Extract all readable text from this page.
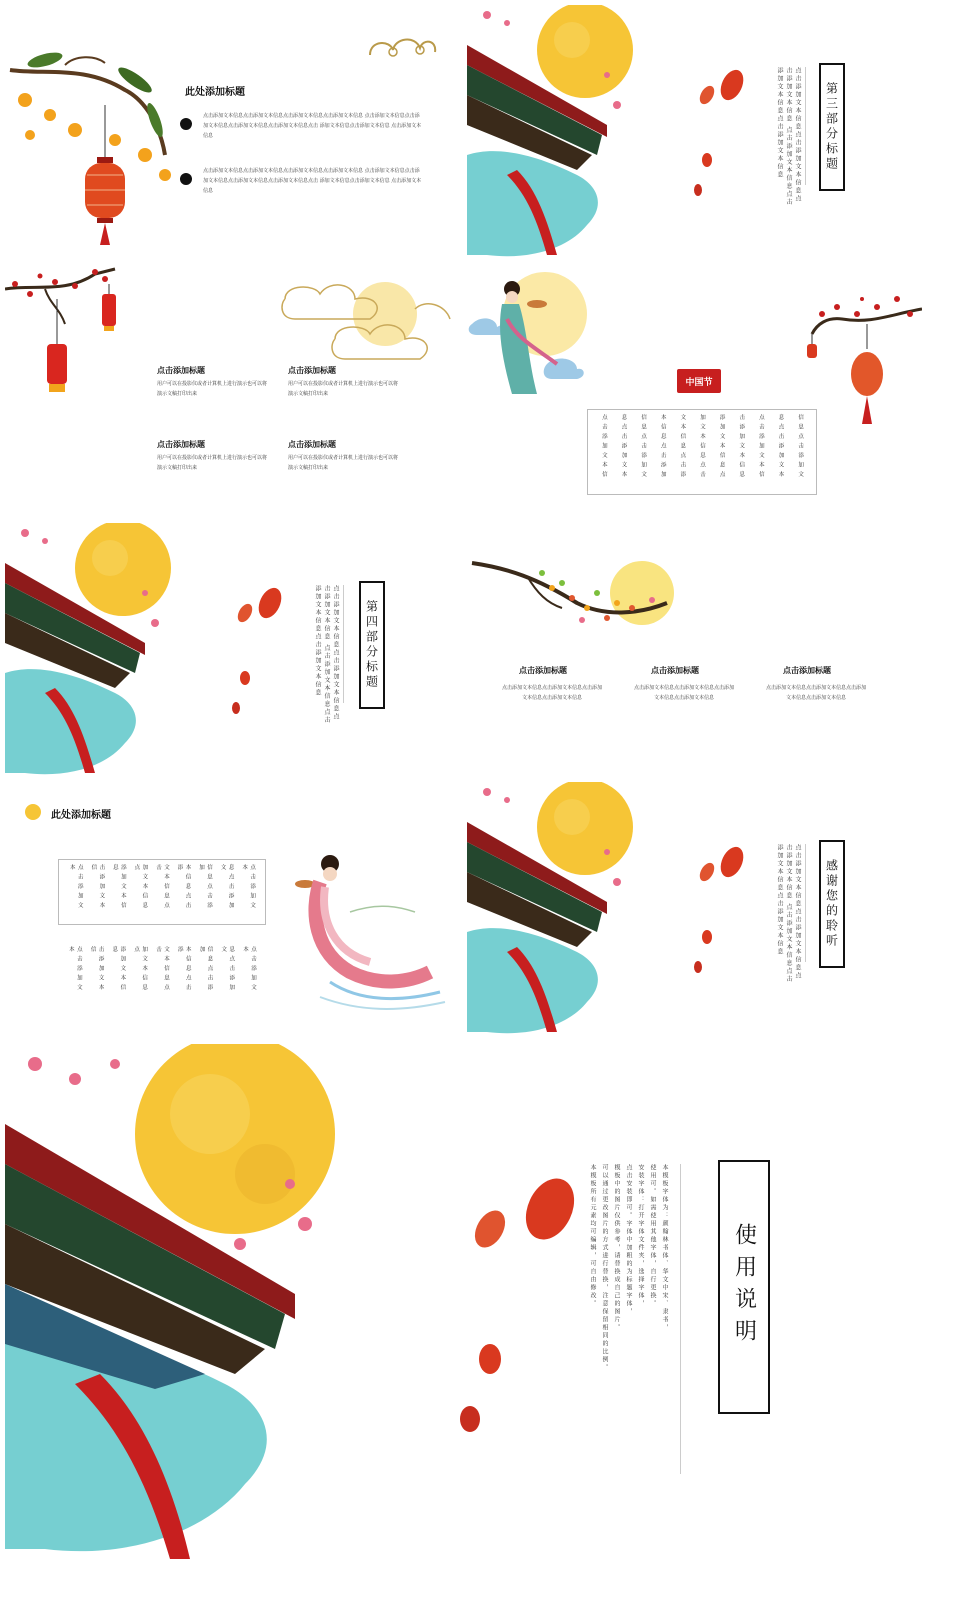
此处添加标题
点击添加文本信息点击添加文本信息点击添加文本信息点击添加文本信息 点击添加文本信息点击添加文本信息点击添加文本信息点击添加文本信息点击 添加文本信息点击添加文本信息 点击添加文本信息
点击添加文本信息点击添加文本信息点击添加文本信息点击添加文本信息 点击添加文本信息点击添加文本信息点击添加文本信息点击添加文本信息点击 添加文本信息点击添加文本信息 点击添加文本信息	点击添加文本信息点击添加文本信息点击添加文本信息 点击添加文本信息点击添加文本信息点击添加文本信息	第三部分标题
点击添加标题
用户可以在投影仪或者计算机上进行演示也可以将演示文稿打印出来
点击添加标题
用户可以在投影仪或者计算机上进行演示也可以将演示文稿打印出来
点击添加标题
用户可以在投影仪或者计算机上进行演示也可以将演示文稿打印出来
点击添加标题
用户可以在投影仪或者计算机上进行演示也可以将演示文稿打印出来
中国节
点击添加文本信 息点击添加文本 信息点击添加文 本信息点击添加 文本信息点击添 加文本信息点击 添加文本信息点 击添加文本信息 点击添加文本信 息点击添加文本 信息点击添加文
点击添加文本信息点击添加文本信息点击添加文本信息 点击添加文本信息点击添加文本信息点击添加文本信息	第四部分标题	点击添加标题
点击添加文本信息点击添加文本信息点击添加文本信息点击添加文本信息
点击添加标题
点击添加文本信息点击添加文本信息点击添加文本信息点击添加文本信息
点击添加标题
点击添加文本信息点击添加文本信息点击添加文本信息点击添加文本信息
此处添加标题
点击添加文本	击添加文本信	添加文本信息	加文本信息点	文本信息点击	本信息点击添	信息点击添加	息点击添加文	点击添加文本
点击添加文本	击添加文本信	添加文本信息	加文本信息点	文本信息点击	本信息点击添	信息点击添加	息点击添加文	点击添加文本	点击添加文本信息点击添加文本信息点击添加文本信息 点击添加文本信息点击添加文本信息点击添加文本信息	感谢您的聆听
本模板字体为：颜翰林书体、华文中宋、隶书，
使用可。如需使用其他字体，自行更换。
安装字体：打开字体文件夹，选择字体，
点击安装即可。字体中加粗的为标题字体，
模板中的图片仅供参考，请替换成自己的图片。
可以通过更改图片的方式进行替换，注意保留相同的比例。
本模板所有元素均可编辑，可自由修改。	使用说明
